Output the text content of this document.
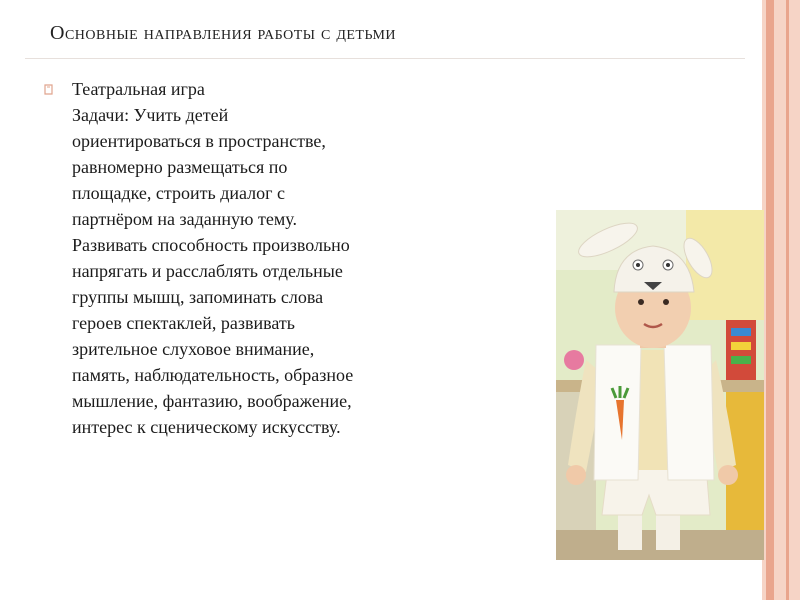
Основные направления работы с детьми
Театральная игра
Задачи: Учить детей
ориентироваться в пространстве,
равномерно размещаться по
площадке, строить диалог с
партнёром на заданную тему.
Развивать способность произвольно
напрягать и расслаблять отдельные
группы мышц, запоминать слова
героев спектаклей, развивать
зрительное слуховое внимание,
память, наблюдательность, образное
мышление, фантазию, воображение,
интерес к сценическому искусству.
